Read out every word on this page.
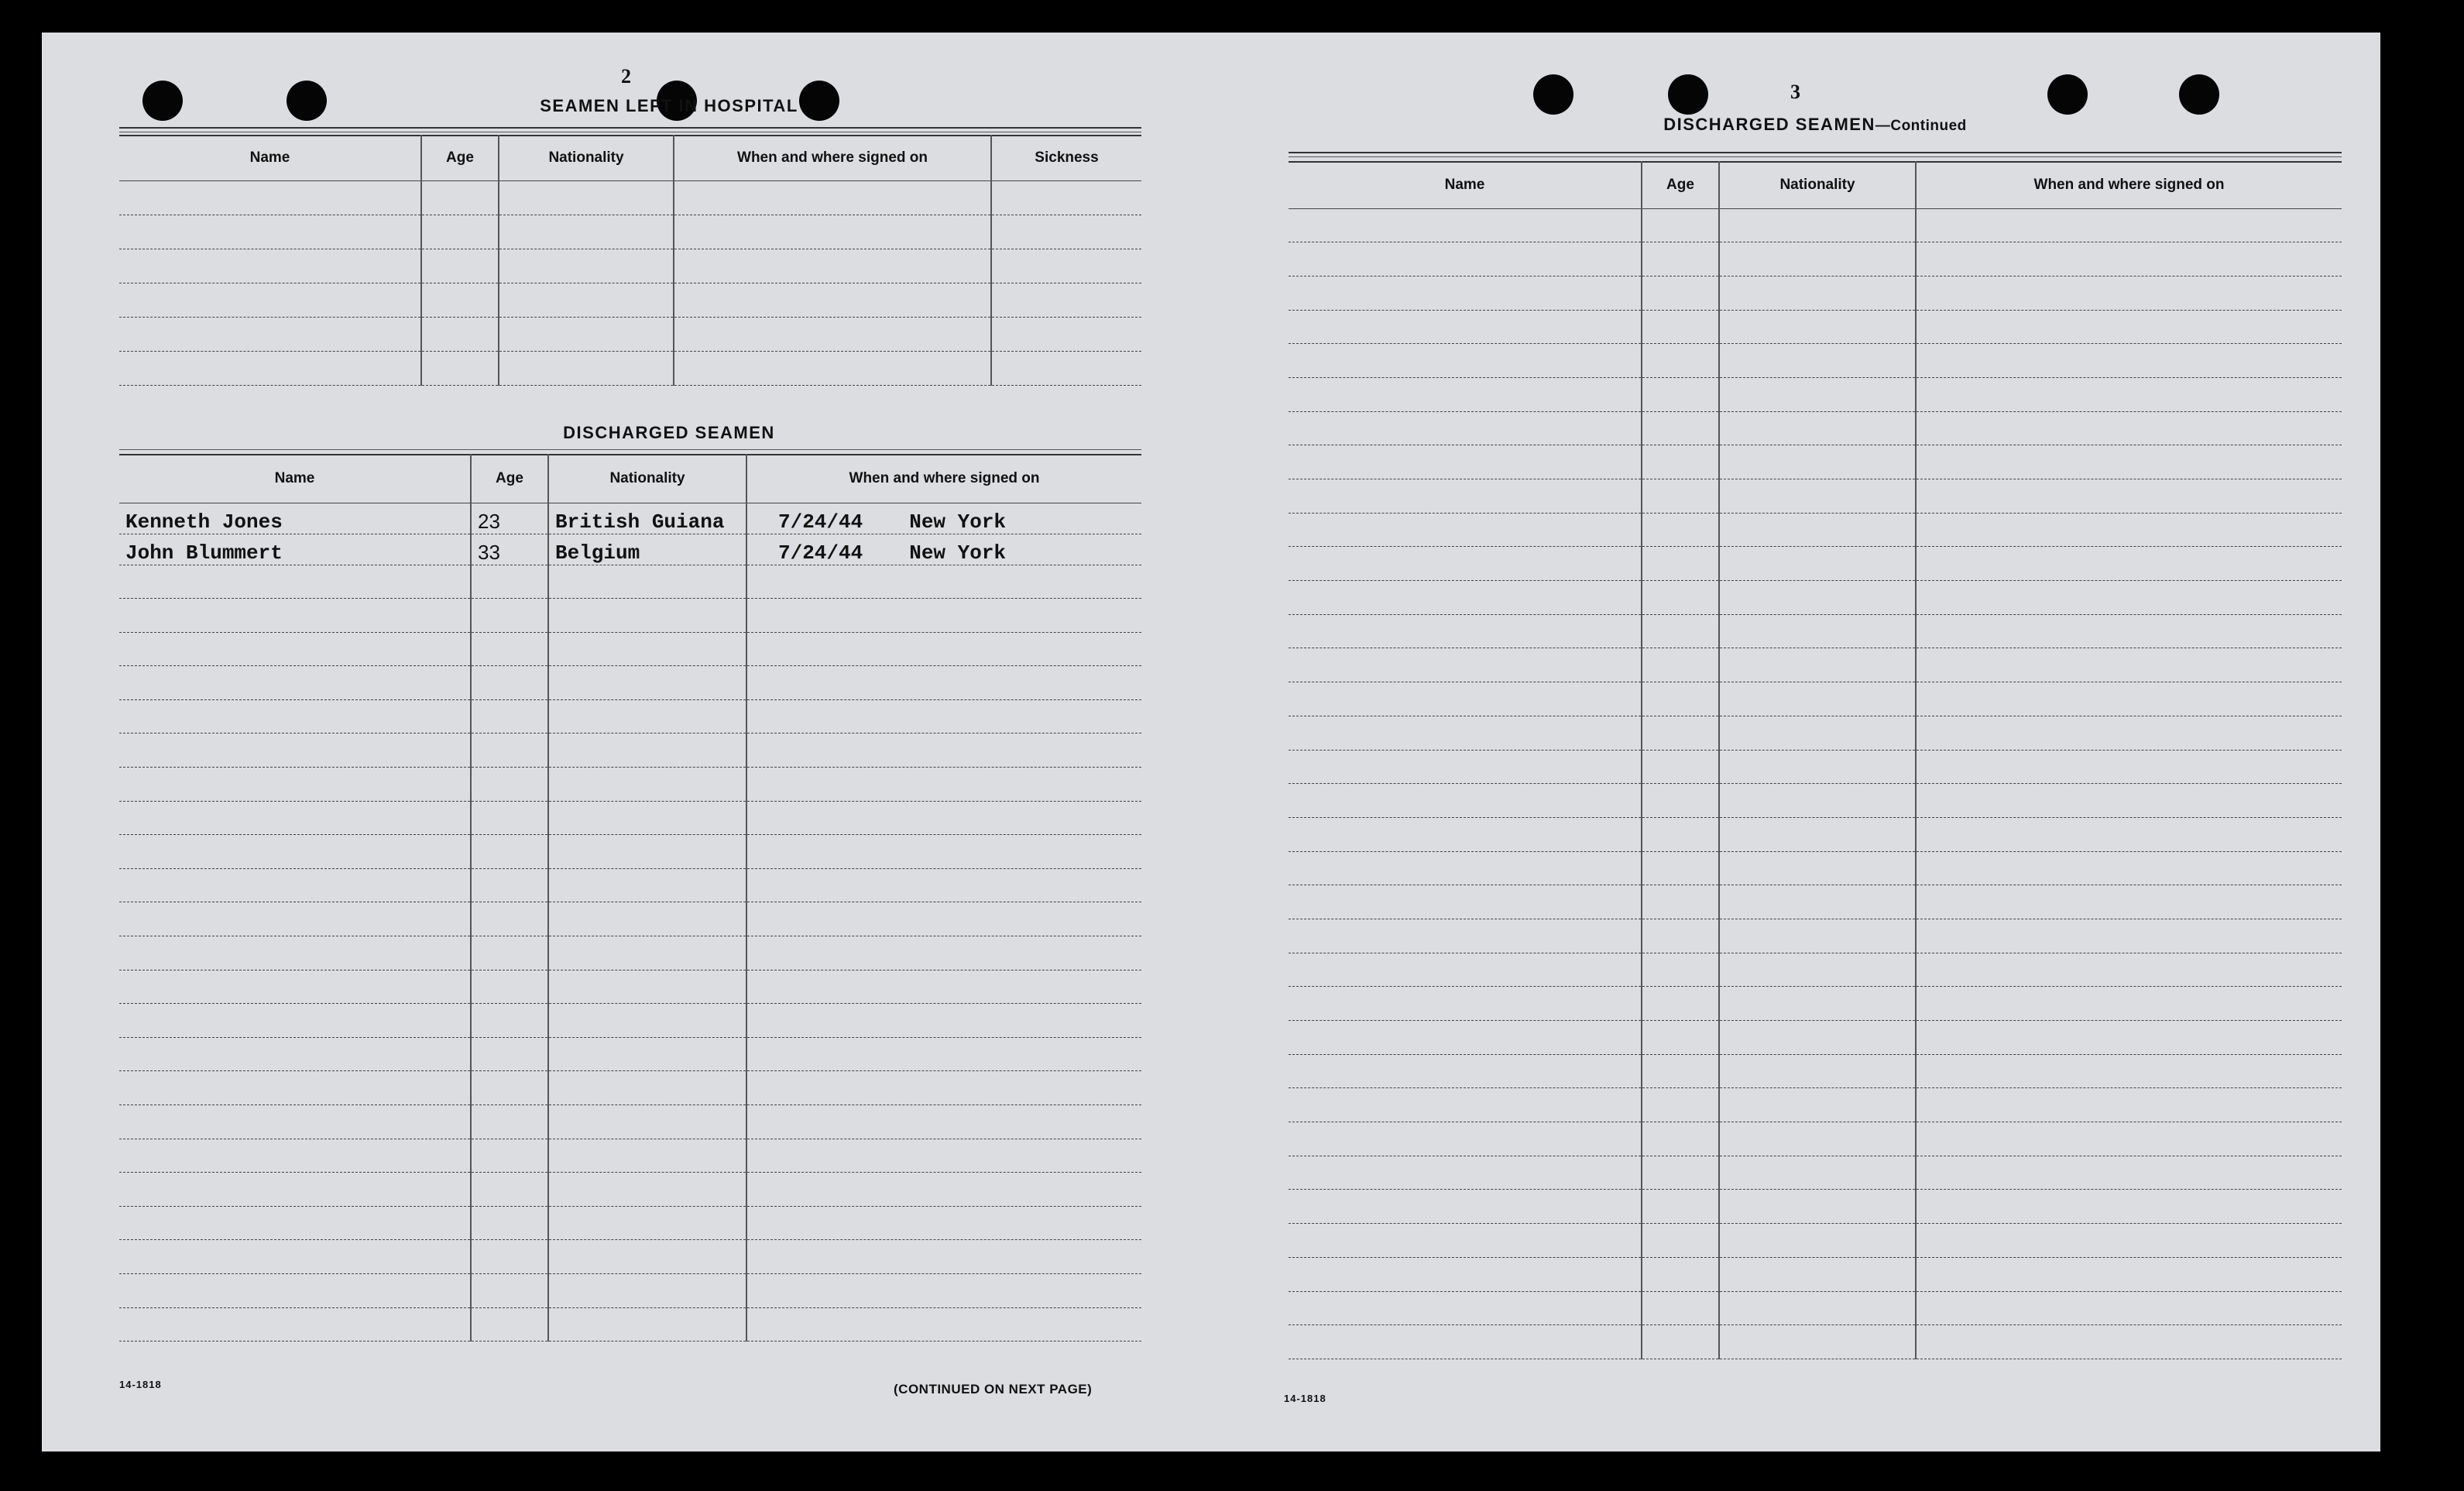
2
SEAMEN LEFT IN HOSPITAL
Name	Age	Nationality	When and where signed on	Sickness

DISCHARGED SEAMEN
Name	Age	Nationality	When and where signed on
Kenneth Jones	23	British Guiana	7/24/44 New York
John Blummert	33	Belgium	7/24/44 New York

14-1818	(CONTINUED ON NEXT PAGE)
3
DISCHARGED SEAMEN—Continued
Name	Age	Nationality	When and where signed on

14-1818
